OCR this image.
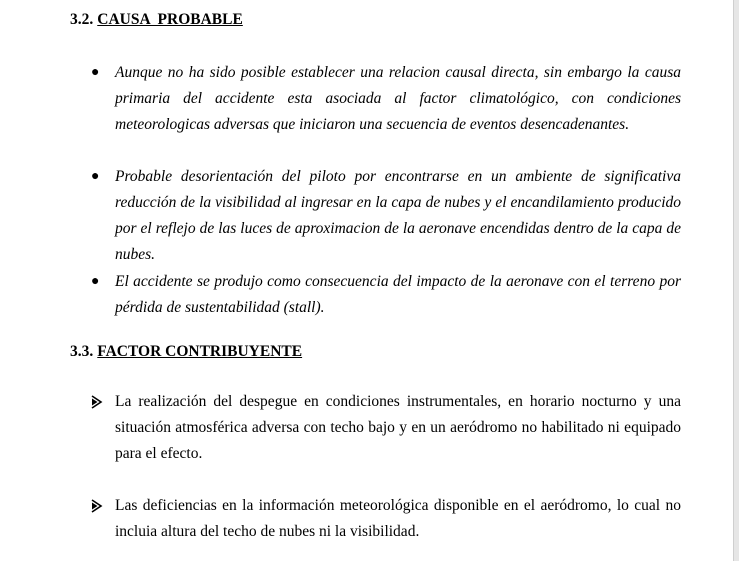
3.2. CAUSA  PROBABLE
● Aunque no ha sido posible establecer una relacion causal directa, sin embargo la causa primaria del accidente esta asociada al factor climatológico, con condiciones meteorologicas adversas que iniciaron una secuencia de eventos desencadenantes.
● Probable desorientación del piloto por encontrarse en un ambiente de significativa reducción de la visibilidad al ingresar en la capa de nubes y el encandilamiento producido por el reflejo de las luces de aproximacion de la aeronave encendidas dentro de la capa de nubes.
● El accidente se produjo como consecuencia del impacto de la aeronave con el terreno por pérdida de sustentabilidad (stall).
3.3. FACTOR CONTRIBUYENTE
La realización del despegue en condiciones instrumentales, en horario nocturno y una situación atmosférica adversa con techo bajo y en un aeródromo no habilitado ni equipado para el efecto.
Las deficiencias en la información meteorológica disponible en el aeródromo, lo cual no incluia altura del techo de nubes ni la visibilidad.
